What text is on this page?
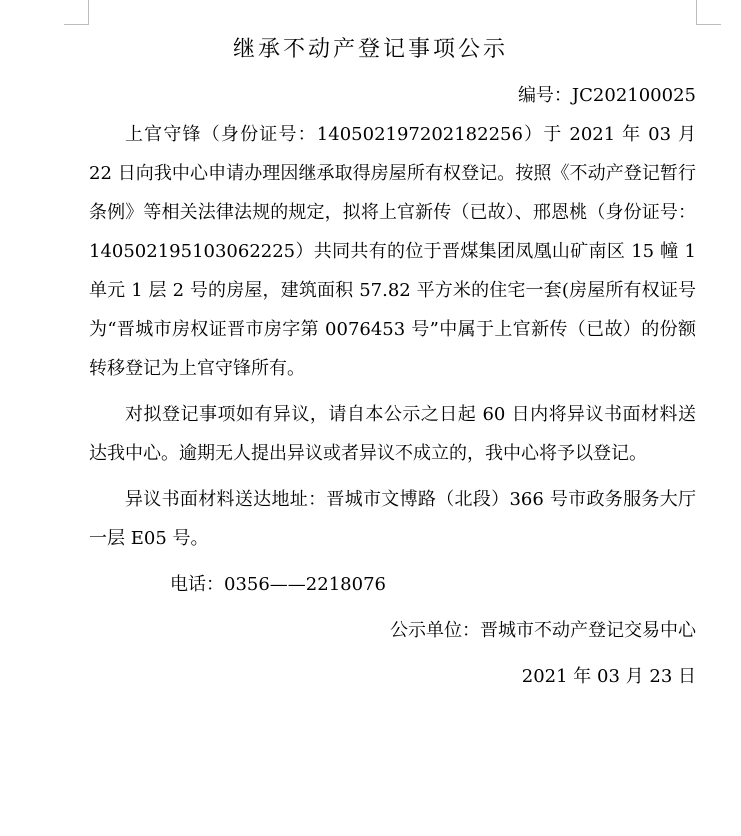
继承不动产登记事项公示

编号：JC202100025

上官守锋（身份证号：140502197202182256）于 2021 年 03 月 22 日向我中心申请办理因继承取得房屋所有权登记。按照《不动产登记暂行条例》等相关法律法规的规定，拟将上官新传（已故）、邢恩桃（身份证号：140502195103062225）共同共有的位于晋煤集团凤凰山矿南区 15 幢 1 单元 1 层 2 号的房屋，建筑面积 57.82 平方米的住宅一套(房屋所有权证号为“晋城市房权证晋市房字第 0076453 号”中属于上官新传（已故）的份额转移登记为上官守锋所有。

对拟登记事项如有异议，请自本公示之日起 60 日内将异议书面材料送达我中心。逾期无人提出异议或者异议不成立的，我中心将予以登记。

异议书面材料送达地址：晋城市文博路（北段）366 号市政务服务大厅一层 E05 号。

电话：0356——2218076

公示单位：晋城市不动产登记交易中心

2021 年 03 月 23 日
